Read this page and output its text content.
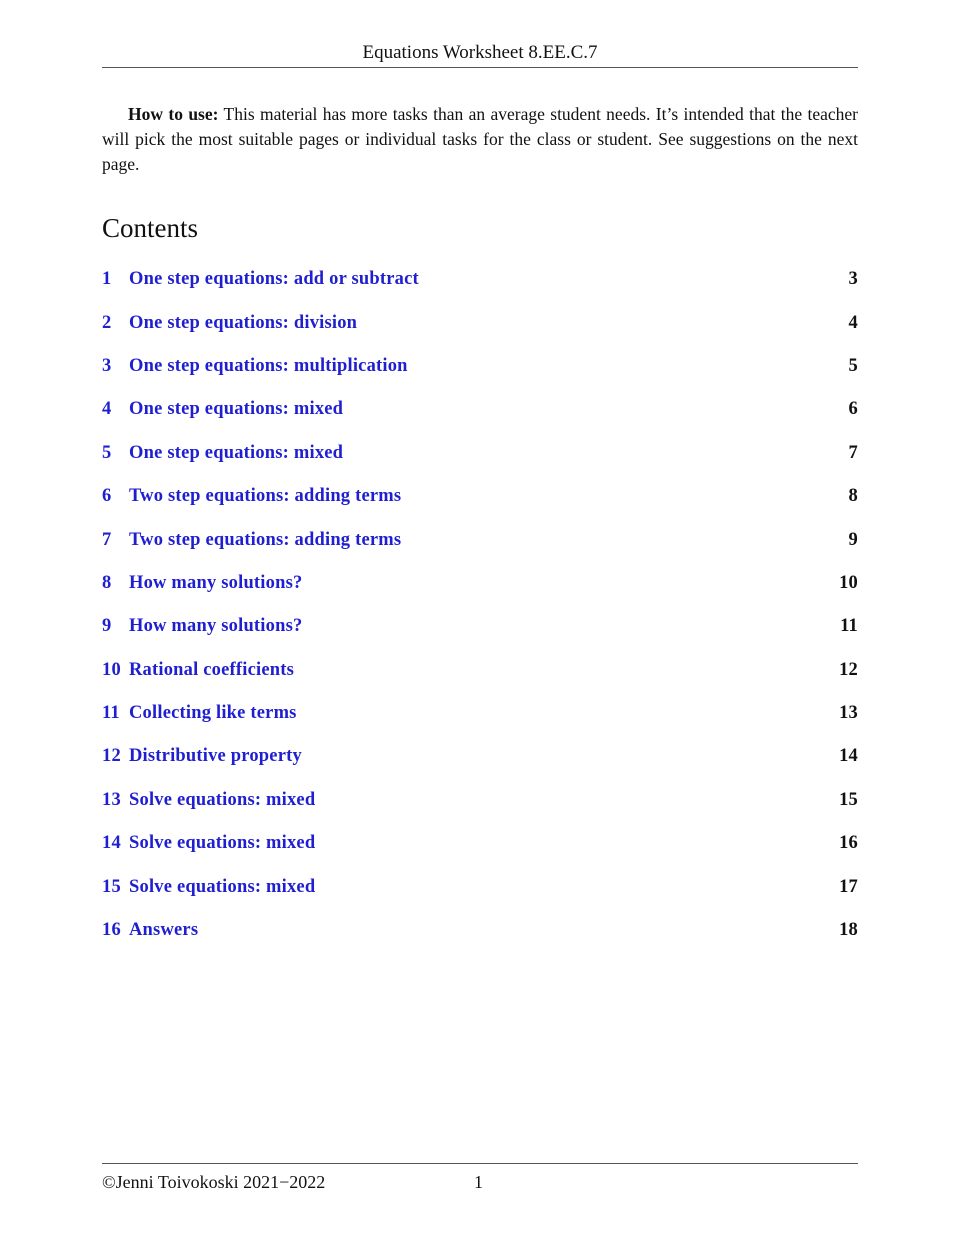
Equations Worksheet 8.EE.C.7
How to use: This material has more tasks than an average student needs. It’s intended that the teacher will pick the most suitable pages or individual tasks for the class or student. See suggestions on the next page.
Contents
1 One step equations: add or subtract	3
2 One step equations: division	4
3 One step equations: multiplication	5
4 One step equations: mixed	6
5 One step equations: mixed	7
6 Two step equations: adding terms	8
7 Two step equations: adding terms	9
8 How many solutions?	10
9 How many solutions?	11
10 Rational coefficients	12
11 Collecting like terms	13
12 Distributive property	14
13 Solve equations: mixed	15
14 Solve equations: mixed	16
15 Solve equations: mixed	17
16 Answers	18
©Jenni Toivokoski 2021−2022	1
